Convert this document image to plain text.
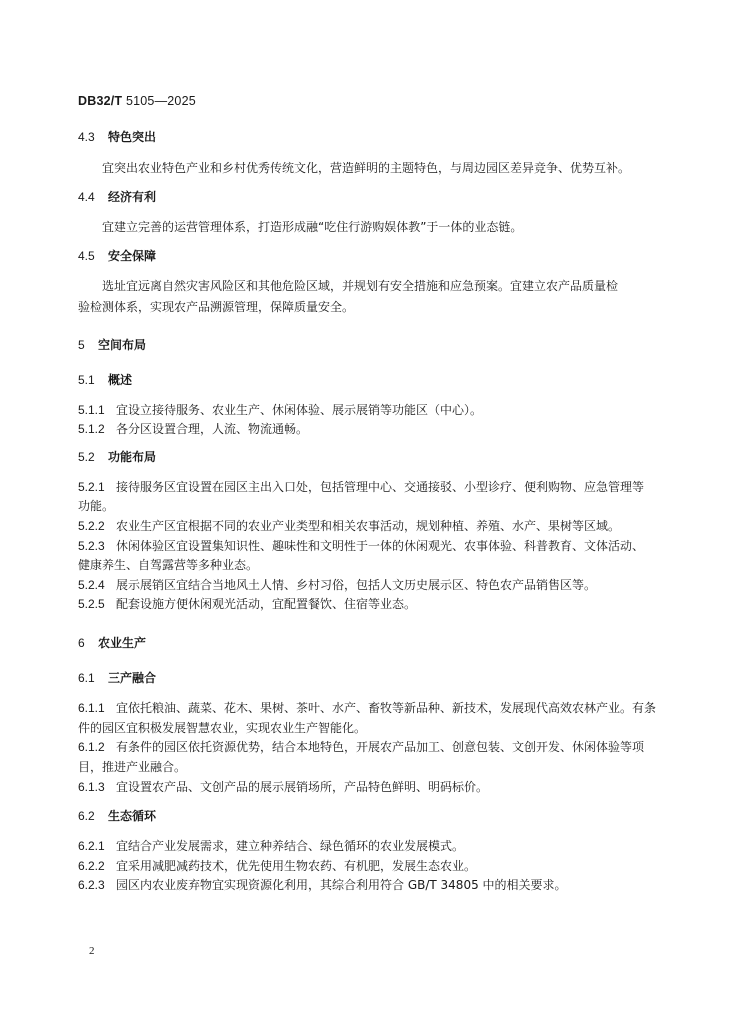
DB32/T 5105—2025
4.3 特色突出
宜突出农业特色产业和乡村优秀传统文化，营造鲜明的主题特色，与周边园区差异竞争、优势互补。
4.4 经济有利
宜建立完善的运营管理体系，打造形成融“吃住行游购娱体教”于一体的业态链。
4.5 安全保障
选址宜远离自然灾害风险区和其他危险区域，并规划有安全措施和应急预案。宜建立农产品质量检
验检测体系，实现农产品溯源管理，保障质量安全。
5 空间布局
5.1 概述
5.1.1 宜设立接待服务、农业生产、休闲体验、展示展销等功能区（中心）。
5.1.2 各分区设置合理，人流、物流通畅。
5.2 功能布局
5.2.1 接待服务区宜设置在园区主出入口处，包括管理中心、交通接驳、小型诊疗、便利购物、应急管理等
功能。
5.2.2 农业生产区宜根据不同的农业产业类型和相关农事活动，规划种植、养殖、水产、果树等区域。
5.2.3 休闲体验区宜设置集知识性、趣味性和文明性于一体的休闲观光、农事体验、科普教育、文体活动、
健康养生、自驾露营等多种业态。
5.2.4 展示展销区宜结合当地风土人情、乡村习俗，包括人文历史展示区、特色农产品销售区等。
5.2.5 配套设施方便休闲观光活动，宜配置餐饮、住宿等业态。
6 农业生产
6.1 三产融合
6.1.1 宜依托粮油、蔬菜、花木、果树、茶叶、水产、畜牧等新品种、新技术，发展现代高效农林产业。有条
件的园区宜积极发展智慧农业，实现农业生产智能化。
6.1.2 有条件的园区依托资源优势，结合本地特色，开展农产品加工、创意包装、文创开发、休闲体验等项
目，推进产业融合。
6.1.3 宜设置农产品、文创产品的展示展销场所，产品特色鲜明、明码标价。
6.2 生态循环
6.2.1 宜结合产业发展需求，建立种养结合、绿色循环的农业发展模式。
6.2.2 宜采用减肥减药技术，优先使用生物农药、有机肥，发展生态农业。
6.2.3 园区内农业废弃物宜实现资源化利用，其综合利用符合 GB/T 34805 中的相关要求。
2
